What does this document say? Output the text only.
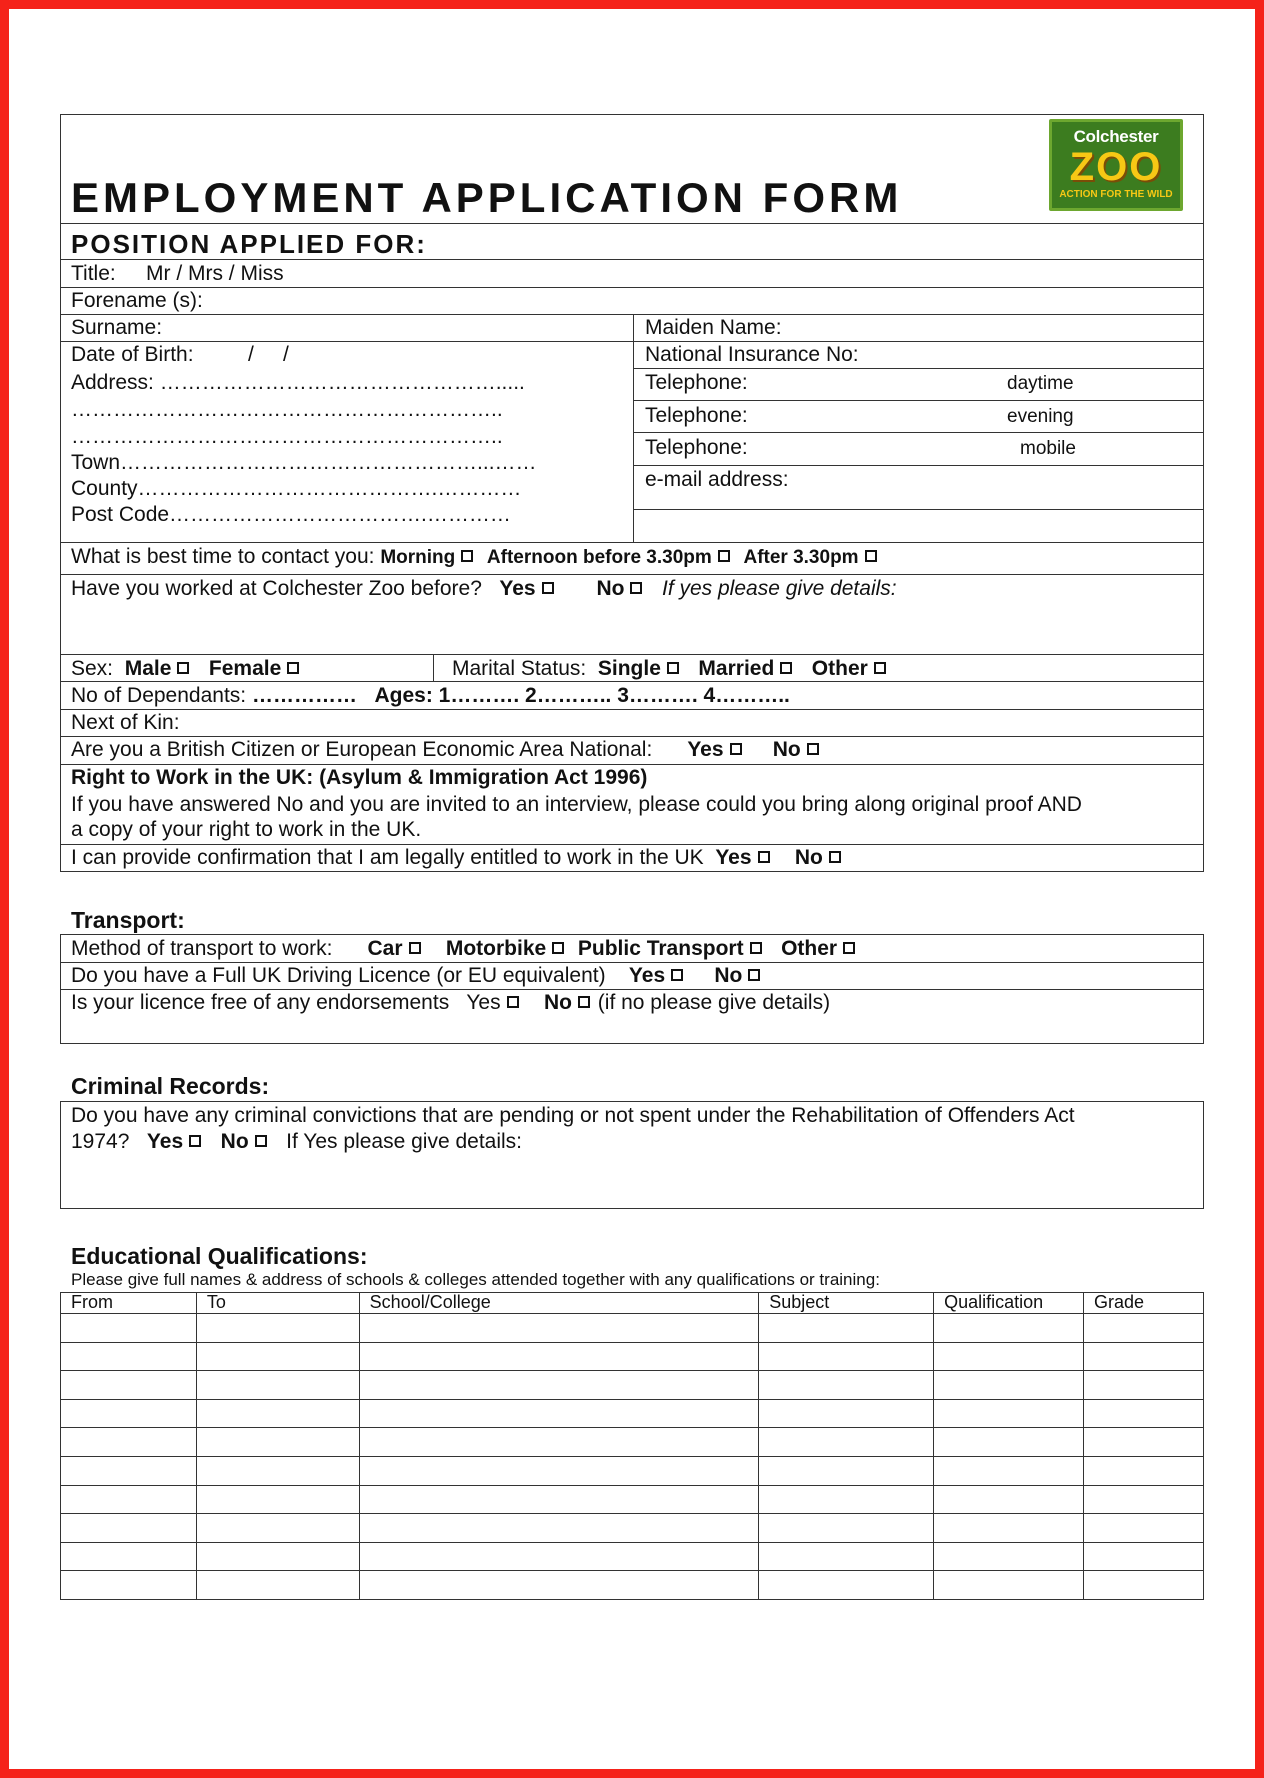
EMPLOYMENT APPLICATION FORM
Colchester
ZOO
ACTION FOR THE WILD
POSITION APPLIED FOR:
Title: Mr / Mrs / Miss
Forename (s):
Surname:	Maiden Name:
Date of Birth:	/     /	National Insurance No:
Address: ………………………………………….....
……………………………………………………..
……………………………………………………..
Town……………………………………………...……
County…………………………………….…………
Post Code……………………………….…………
Telephone:	daytime
Telephone:	evening
Telephone:	mobile
e-mail address:
What is best time to contact you: Morning Afternoon before 3.30pm After 3.30pm
Have you worked at Colchester Zoo before? Yes	No If yes please give details:
Sex: Male Female	Marital Status: Single Married Other
No of Dependants: …………… Ages: 1………. 2……….. 3………. 4………..
Next of Kin:
Are you a British Citizen or European Economic Area National: Yes No
Right to Work in the UK: (Asylum & Immigration Act 1996)
If you have answered No and you are invited to an interview, please could you bring along original proof AND
a copy of your right to work in the UK.
I can provide confirmation that I am legally entitled to work in the UK Yes No
Transport:
Method of transport to work: Car Motorbike Public Transport Other
Do you have a Full UK Driving Licence (or EU equivalent) Yes No
Is your licence free of any endorsements Yes No (if no please give details)
Criminal Records:
Do you have any criminal convictions that are pending or not spent under the Rehabilitation of Offenders Act
1974? Yes No If Yes please give details:
Educational Qualifications:
Please give full names & address of schools & colleges attended together with any qualifications or training:
From	To	School/College	Subject	Qualification	Grade
